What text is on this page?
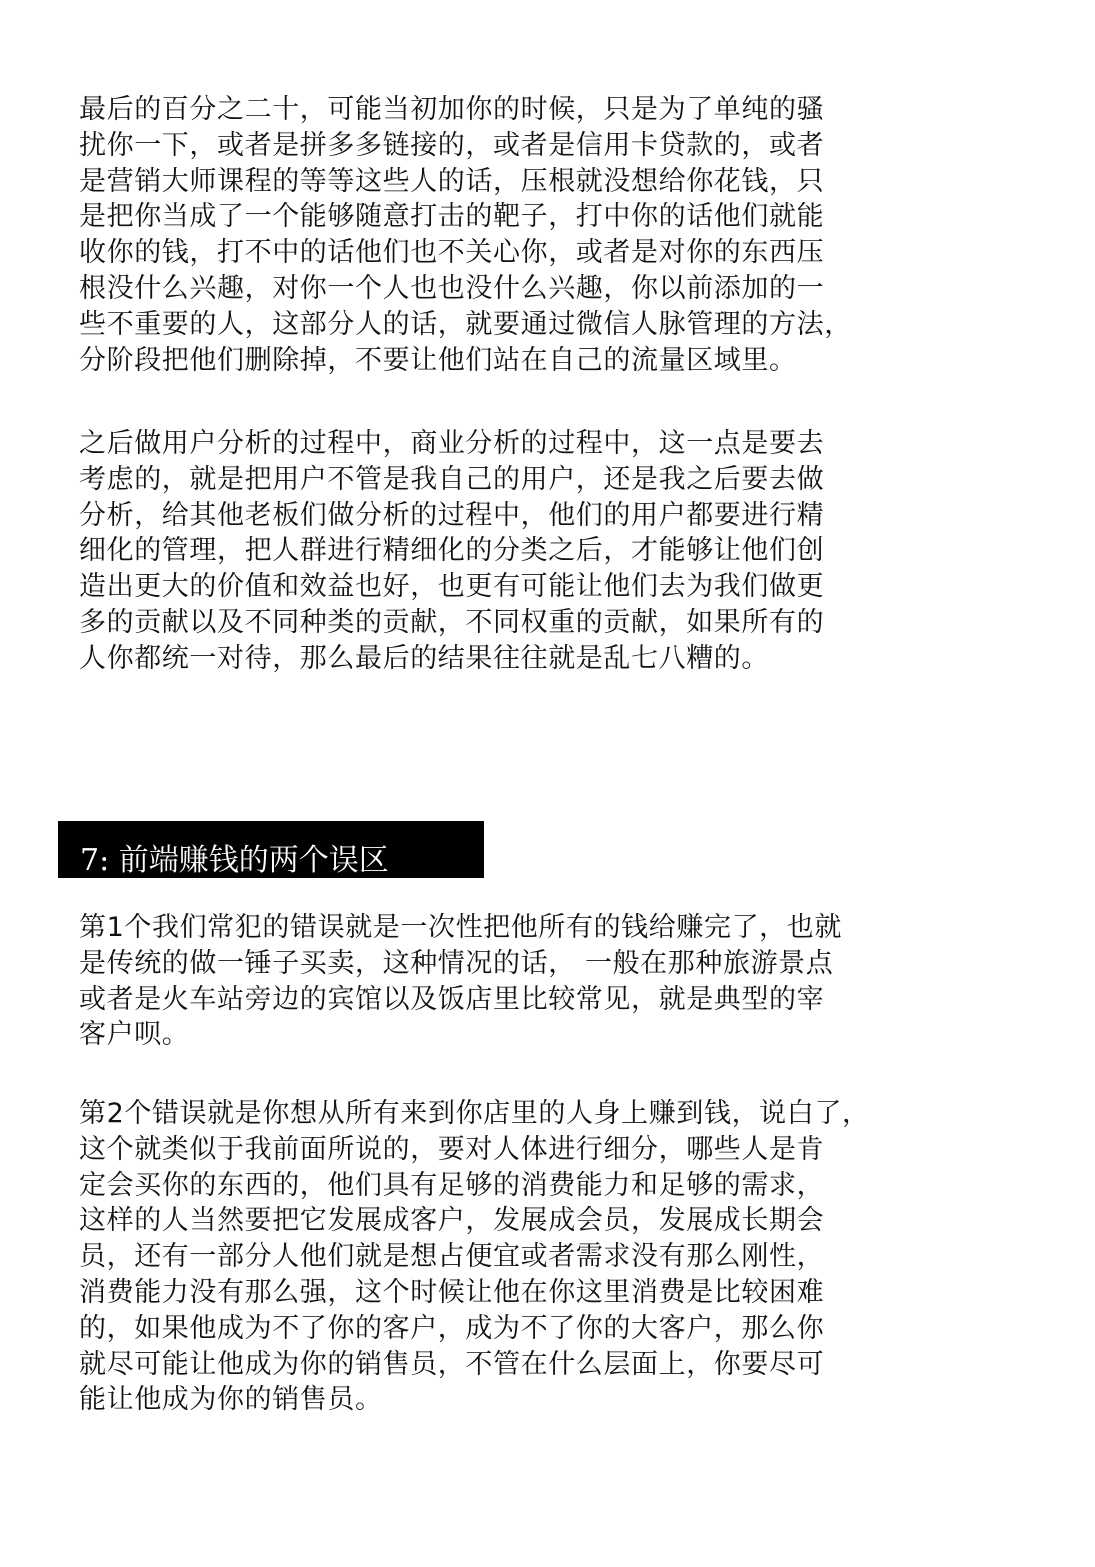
最后的百分之二十，可能当初加你的时候，只是为了单纯的骚
扰你一下，或者是拼多多链接的，或者是信用卡贷款的，或者
是营销大师课程的等等这些人的话，压根就没想给你花钱，只
是把你当成了一个能够随意打击的靶子，打中你的话他们就能
收你的钱，打不中的话他们也不关心你，或者是对你的东西压
根没什么兴趣，对你一个人也也没什么兴趣，你以前添加的一
些不重要的人，这部分人的话，就要通过微信人脉管理的方法，
分阶段把他们删除掉，不要让他们站在自己的流量区域里。

之后做用户分析的过程中，商业分析的过程中，这一点是要去
考虑的，就是把用户不管是我自己的用户，还是我之后要去做
分析，给其他老板们做分析的过程中，他们的用户都要进行精
细化的管理，把人群进行精细化的分类之后，才能够让他们创
造出更大的价值和效益也好，也更有可能让他们去为我们做更
多的贡献以及不同种类的贡献，不同权重的贡献，如果所有的
人你都统一对待，那么最后的结果往往就是乱七八糟的。

7: 前端赚钱的两个误区

第1个我们常犯的错误就是一次性把他所有的钱给赚完了，也就
是传统的做一锤子买卖，这种情况的话， 一般在那种旅游景点
或者是火车站旁边的宾馆以及饭店里比较常见，就是典型的宰
客户呗。

第2个错误就是你想从所有来到你店里的人身上赚到钱，说白了，
这个就类似于我前面所说的，要对人体进行细分，哪些人是肯
定会买你的东西的，他们具有足够的消费能力和足够的需求，
这样的人当然要把它发展成客户，发展成会员，发展成长期会
员，还有一部分人他们就是想占便宜或者需求没有那么刚性，
消费能力没有那么强，这个时候让他在你这里消费是比较困难
的，如果他成为不了你的客户，成为不了你的大客户，那么你
就尽可能让他成为你的销售员，不管在什么层面上，你要尽可
能让他成为你的销售员。
